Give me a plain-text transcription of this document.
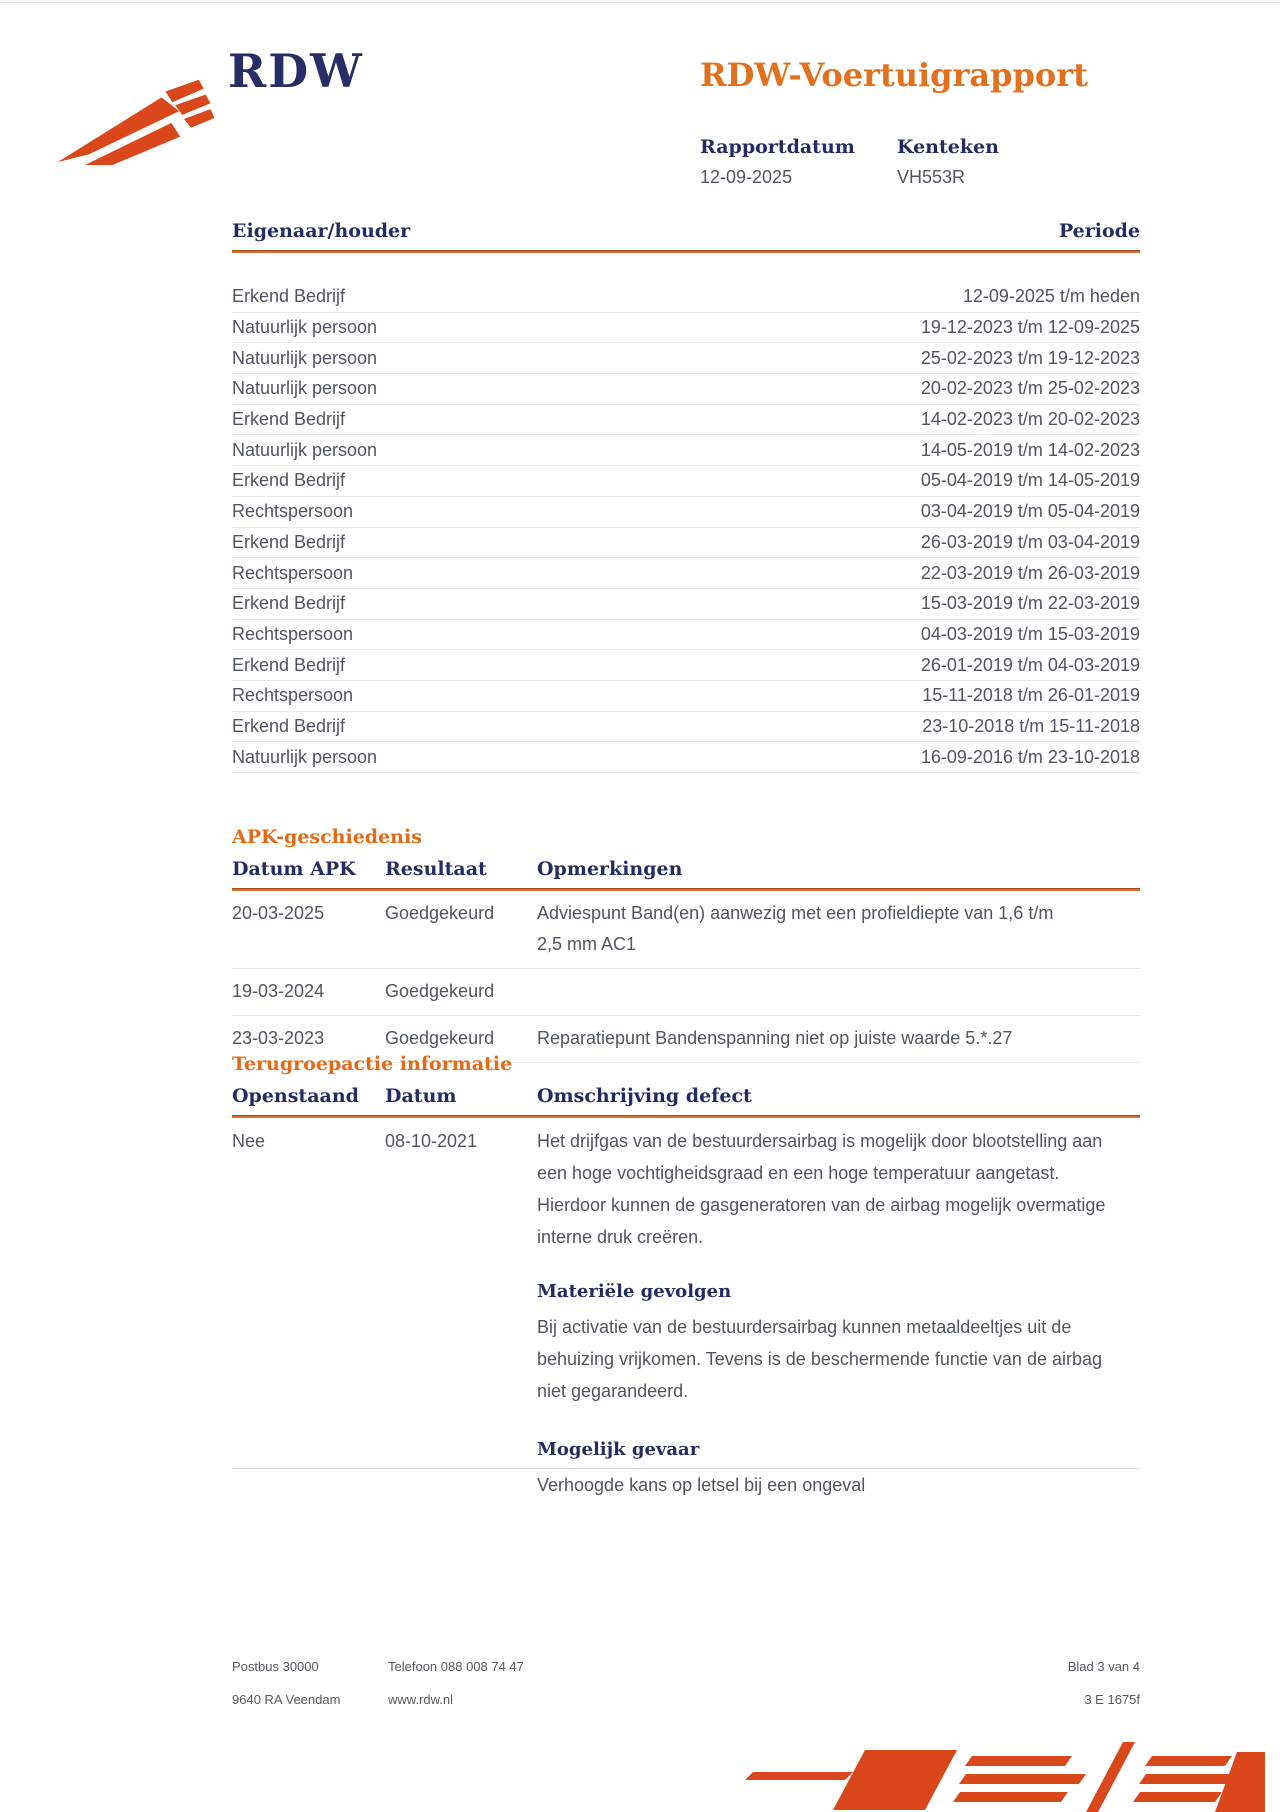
RDW	RDW-Voertuigrapport
Rapportdatum
12-09-2025
Kenteken
VH553R
Eigenaar/houder	Periode
Erkend Bedrijf	12-09-2025 t/m heden
Natuurlijk persoon	19-12-2023 t/m 12-09-2025
Natuurlijk persoon	25-02-2023 t/m 19-12-2023
Natuurlijk persoon	20-02-2023 t/m 25-02-2023
Erkend Bedrijf	14-02-2023 t/m 20-02-2023
Natuurlijk persoon	14-05-2019 t/m 14-02-2023
Erkend Bedrijf	05-04-2019 t/m 14-05-2019
Rechtspersoon	03-04-2019 t/m 05-04-2019
Erkend Bedrijf	26-03-2019 t/m 03-04-2019
Rechtspersoon	22-03-2019 t/m 26-03-2019
Erkend Bedrijf	15-03-2019 t/m 22-03-2019
Rechtspersoon	04-03-2019 t/m 15-03-2019
Erkend Bedrijf	26-01-2019 t/m 04-03-2019
Rechtspersoon	15-11-2018 t/m 26-01-2019
Erkend Bedrijf	23-10-2018 t/m 15-11-2018
Natuurlijk persoon	16-09-2016 t/m 23-10-2018
APK-geschiedenis
Datum APK	Resultaat	Opmerkingen
20-03-2025	Goedgekeurd	Adviespunt Band(en) aanwezig met een profieldiepte van 1,6 t/m 2,5 mm AC1
19-03-2024	Goedgekeurd
23-03-2023	Goedgekeurd	Reparatiepunt Bandenspanning niet op juiste waarde 5.*.27
Terugroepactie informatie
Openstaand	Datum	Omschrijving defect
Nee	08-10-2021	Het drijfgas van de bestuurdersairbag is mogelijk door blootstelling aan een hoge vochtigheidsgraad en een hoge temperatuur aangetast. Hierdoor kunnen de gasgeneratoren van de airbag mogelijk overmatige interne druk creëren.

Materiële gevolgen

Bij activatie van de bestuurdersairbag kunnen metaaldeeltjes uit de behuizing vrijkomen. Tevens is de beschermende functie van de airbag niet gegarandeerd.

Mogelijk gevaar

Verhoogde kans op letsel bij een ongeval

Postbus 30000	Telefoon 088 008 74 47	Blad 3 van 4
9640 RA Veendam	www.rdw.nl	3 E 1675f
